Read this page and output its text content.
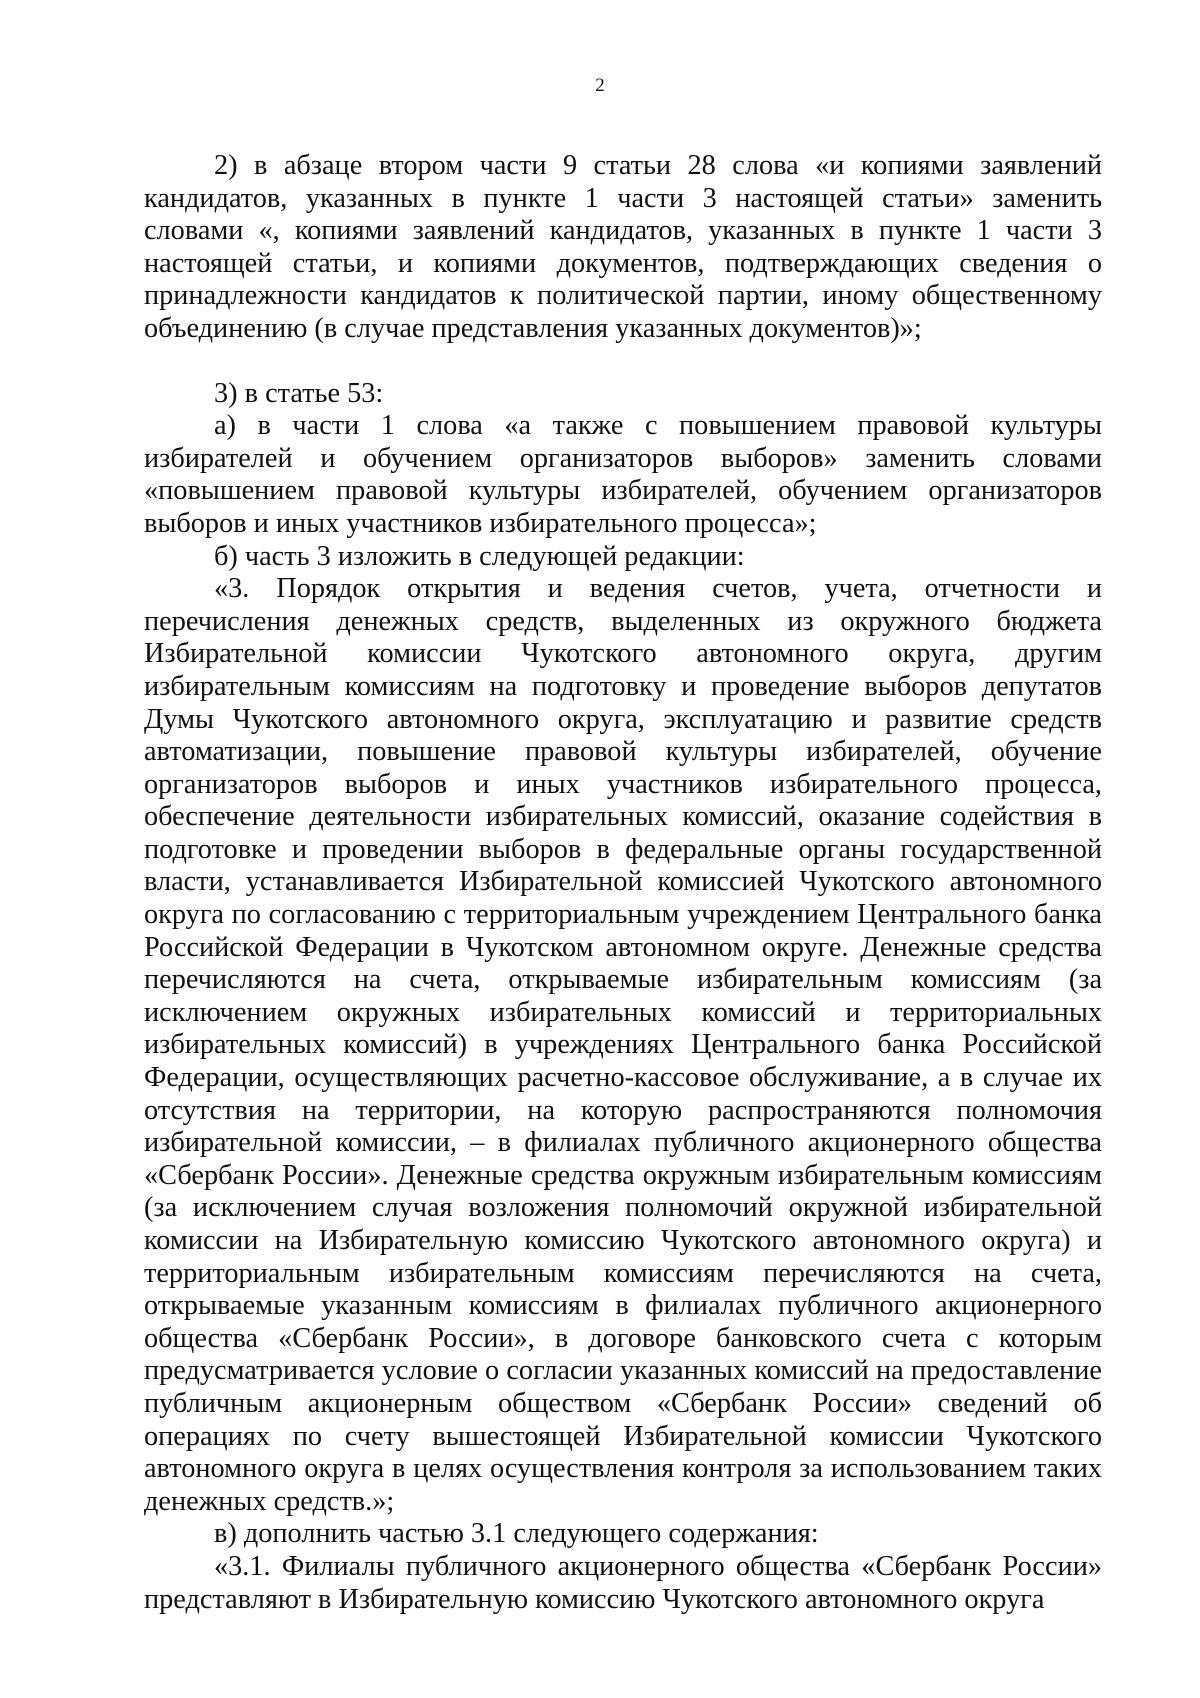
2

2) в абзаце втором части 9 статьи 28 слова «и копиями заявлений кандидатов, указанных в пункте 1 части 3 настоящей статьи» заменить словами «, копиями заявлений кандидатов, указанных в пункте 1 части 3 настоящей статьи, и копиями документов, подтверждающих сведения о принадлежности кандидатов к политической партии, иному общественному объединению (в случае представления указанных документов)»;

3) в статье 53:

а) в части 1 слова «а также с повышением правовой культуры избирателей и обучением организаторов выборов» заменить словами «повышением правовой культуры избирателей, обучением организаторов выборов и иных участников избирательного процесса»;

б) часть 3 изложить в следующей редакции:

«3. Порядок открытия и ведения счетов, учета, отчетности и перечисления денежных средств, выделенных из окружного бюджета Избирательной комиссии Чукотского автономного округа, другим избирательным комиссиям на подготовку и проведение выборов депутатов Думы Чукотского автономного округа, эксплуатацию и развитие средств автоматизации, повышение правовой культуры избирателей, обучение организаторов выборов и иных участников избирательного процесса, обеспечение деятельности избирательных комиссий, оказание содействия в подготовке и проведении выборов в федеральные органы государственной власти, устанавливается Избирательной комиссией Чукотского автономного округа по согласованию с территориальным учреждением Центрального банка Российской Федерации в Чукотском автономном округе. Денежные средства перечисляются на счета, открываемые избирательным комиссиям (за исключением окружных избирательных комиссий и территориальных избирательных комиссий) в учреждениях Центрального банка Российской Федерации, осуществляющих расчетно-кассовое обслуживание, а в случае их отсутствия на территории, на которую распространяются полномочия избирательной комиссии, – в филиалах публичного акционерного общества «Сбербанк России». Денежные средства окружным избирательным комиссиям (за исключением случая возложения полномочий окружной избирательной комиссии на Избирательную комиссию Чукотского автономного округа) и территориальным избирательным комиссиям перечисляются на счета, открываемые указанным комиссиям в филиалах публичного акционерного общества «Сбербанк России», в договоре банковского счета с которым предусматривается условие о согласии указанных комиссий на предоставление публичным акционерным обществом «Сбербанк России» сведений об операциях по счету вышестоящей Избирательной комиссии Чукотского автономного округа в целях осуществления контроля за использованием таких денежных средств.»;

в) дополнить частью 3.1 следующего содержания:

«3.1. Филиалы публичного акционерного общества «Сбербанк России» представляют в Избирательную комиссию Чукотского автономного округа
